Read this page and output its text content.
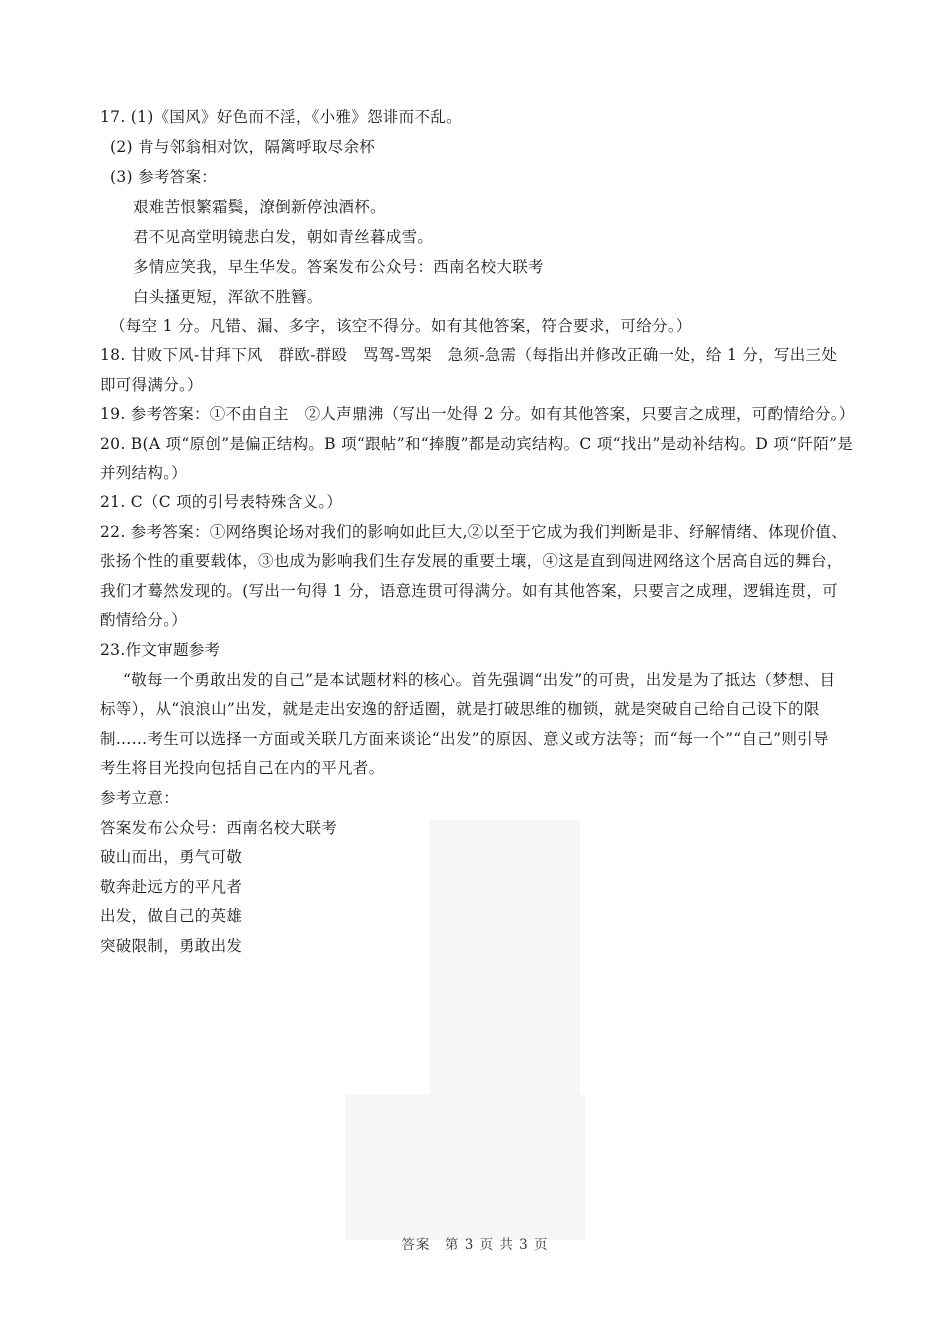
17. (1)《国风》好色而不淫，《小雅》怨诽而不乱。
(2) 肯与邻翁相对饮，隔篱呼取尽余杯
(3) 参考答案：
艰难苦恨繁霜鬓，潦倒新停浊酒杯。
君不见高堂明镜悲白发，朝如青丝暮成雪。
多情应笑我，早生华发。答案发布公众号：西南名校大联考
白头搔更短，浑欲不胜簪。
（每空 1 分。凡错、漏、多字，该空不得分。如有其他答案，符合要求，可给分。）
18. 甘败下风-甘拜下风　群欧-群殴　骂驾-骂架　急须-急需（每指出并修改正确一处，给 1 分，写出三处
即可得满分。）
19. 参考答案：①不由自主　②人声鼎沸（写出一处得 2 分。如有其他答案，只要言之成理，可酌情给分。）
20. B(A 项“原创”是偏正结构。B 项“跟帖”和“捧腹”都是动宾结构。C 项“找出”是动补结构。D 项“阡陌”是
并列结构。）
21. C（C 项的引号表特殊含义。）
22. 参考答案：①网络舆论场对我们的影响如此巨大,②以至于它成为我们判断是非、纾解情绪、体现价值、
张扬个性的重要载体，③也成为影响我们生存发展的重要土壤，④这是直到闯进网络这个居高自远的舞台，
我们才蓦然发现的。(写出一句得 1 分，语意连贯可得满分。如有其他答案，只要言之成理，逻辑连贯，可
酌情给分。）
23.作文审题参考
“敬每一个勇敢出发的自己”是本试题材料的核心。首先强调“出发”的可贵，出发是为了抵达（梦想、目
标等），从“浪浪山”出发，就是走出安逸的舒适圈，就是打破思维的枷锁，就是突破自己给自己设下的限
制……考生可以选择一方面或关联几方面来谈论“出发”的原因、意义或方法等；而“每一个”“自己”则引导
考生将目光投向包括自己在内的平凡者。
参考立意：
答案发布公众号：西南名校大联考
破山而出，勇气可敬
敬奔赴远方的平凡者
出发，做自己的英雄
突破限制，勇敢出发
答案　第 3 页 共 3 页
